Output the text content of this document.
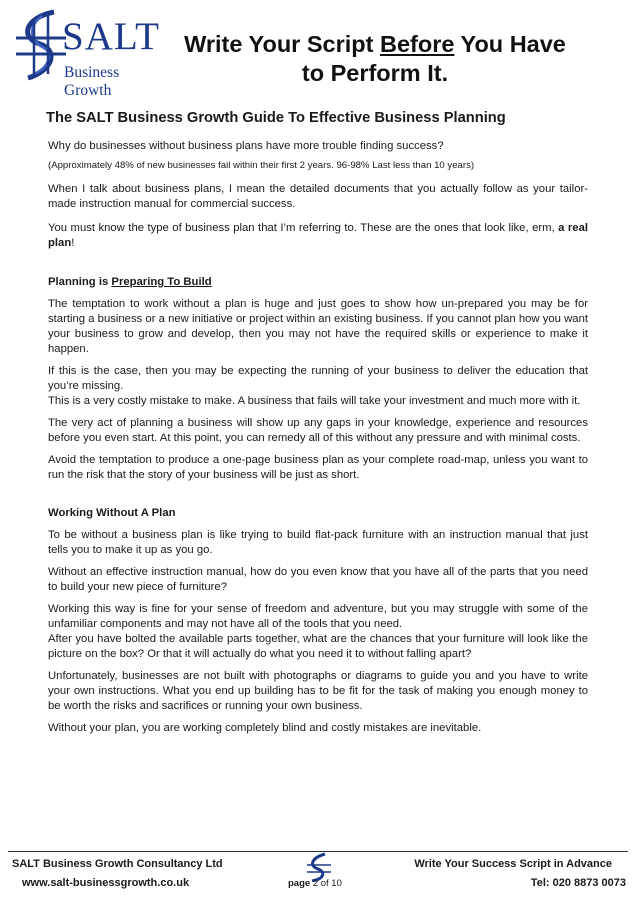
SALT
Business Growth
Write Your Script Before You Have to Perform It.
The SALT Business Growth Guide To Effective Business Planning
Why do businesses without business plans have more trouble finding success?
(Approximately 48% of new businesses fail within their first 2 years. 96-98% Last less than 10 years)
When I talk about business plans, I mean the detailed documents that you actually follow as your tailor-made instruction manual for commercial success.
You must know the type of business plan that I’m referring to. These are the ones that look like, erm, a real plan!
Planning is Preparing To Build
The temptation to work without a plan is huge and just goes to show how un-prepared you may be for starting a business or a new initiative or project within an existing business. If you cannot plan how you want your business to grow and develop, then you may not have the required skills or experience to make it happen.
If this is the case, then you may be expecting the running of your business to deliver the education that you’re missing.
This is a very costly mistake to make. A business that fails will take your investment and much more with it.
The very act of planning a business will show up any gaps in your knowledge, experience and resources before you even start. At this point, you can remedy all of this without any pressure and with minimal costs.
Avoid the temptation to produce a one-page business plan as your complete road-map, unless you want to run the risk that the story of your business will be just as short.
Working Without A Plan
To be without a business plan is like trying to build flat-pack furniture with an instruction manual that just tells you to make it up as you go.
Without an effective instruction manual, how do you even know that you have all of the parts that you need to build your new piece of furniture?
Working this way is fine for your sense of freedom and adventure, but you may struggle with some of the unfamiliar components and may not have all of the tools that you need.
After you have bolted the available parts together, what are the chances that your furniture will look like the picture on the box? Or that it will actually do what you need it to without falling apart?
Unfortunately, businesses are not built with photographs or diagrams to guide you and you have to write your own instructions. What you end up building has to be fit for the task of making you enough money to be worth the risks and sacrifices or running your own business.
Without your plan, you are working completely blind and costly mistakes are inevitable.
SALT Business Growth Consultancy Ltd
www.salt-businessgrowth.co.uk	page 2 of 10
Write Your Success Script in Advance
Tel: 020 8873 0073
